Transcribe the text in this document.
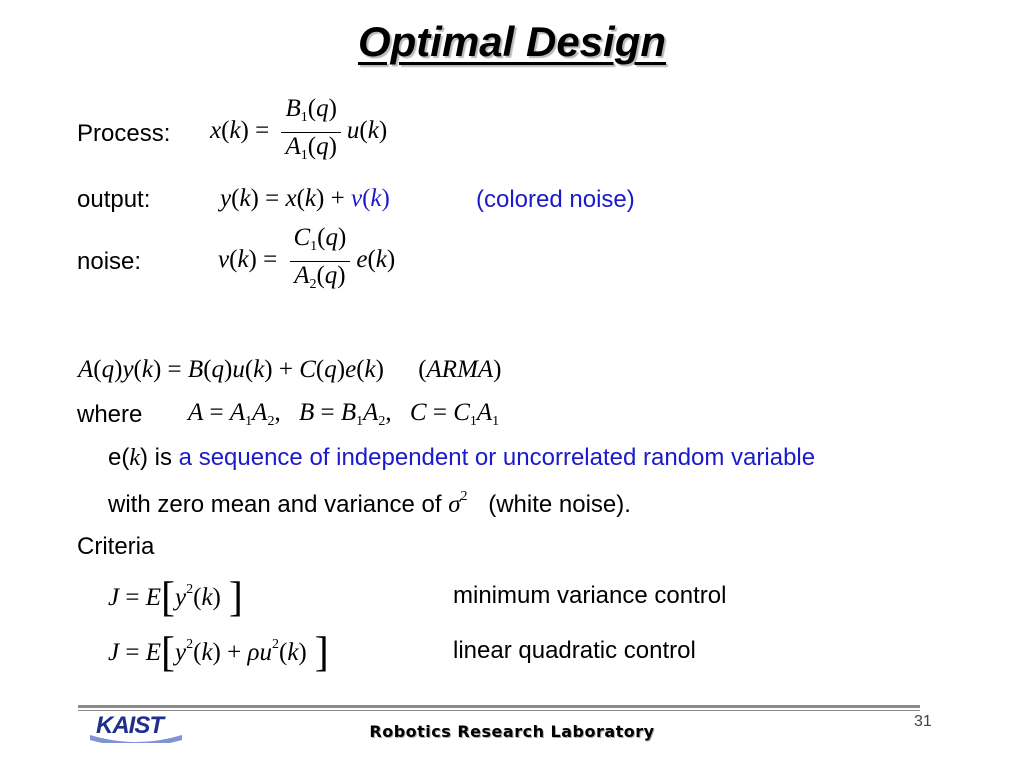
Optimal Design
Process: $x(k) = \frac{B_1(q)}{A_1(q)} u(k)$
output:	y(k) = x(k) + v(k)	(colored noise)
noise:	$v(k) = \frac{C_1(q)}{A_2(q)} e(k)$
A(q)y(k) = B(q)u(k) + C(q)e(k) (ARMA)
where $A = A_1A_2$, $B = B_1A_2$, $C = C_1A_1$
e(k) is a sequence of independent or uncorrelated random variable
with zero mean and variance of $\sigma^2$ (white noise).
Criteria
$J = E[y^2(k)$ ]	minimum variance control
$J = E[y^2(k) + \rho u^2(k)$ ]	linear quadratic control
KAIST	Robotics Research Laboratory
31
